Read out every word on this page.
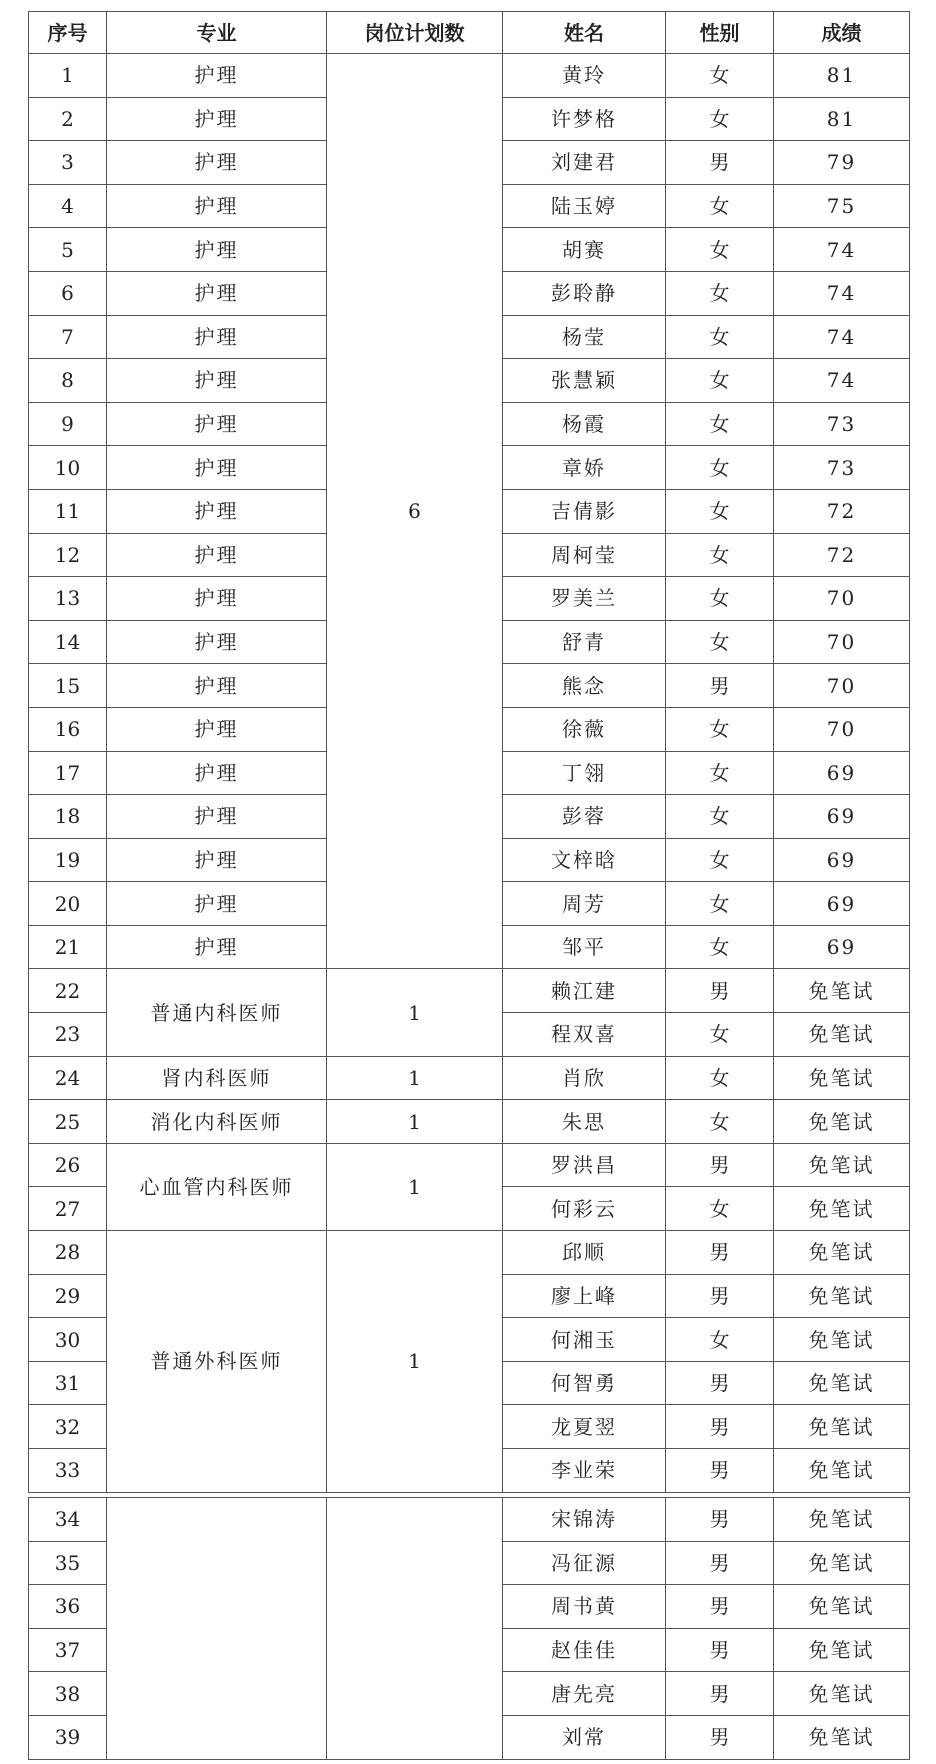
序号	专业	岗位计划数	姓名	性别	成绩
1	护理	6	黄玲	女	81
2	护理		许梦格	女	81
3	护理		刘建君	男	79
4	护理		陆玉婷	女	75
5	护理		胡赛	女	74
6	护理		彭聆静	女	74
7	护理		杨莹	女	74
8	护理		张慧颖	女	74
9	护理		杨霞	女	73
10	护理		章娇	女	73
11	护理		吉倩影	女	72
12	护理		周柯莹	女	72
13	护理		罗美兰	女	70
14	护理		舒青	女	70
15	护理		熊念	男	70
16	护理		徐薇	女	70
17	护理		丁翎	女	69
18	护理		彭蓉	女	69
19	护理		文梓晗	女	69
20	护理		周芳	女	69
21	护理		邹平	女	69
22	普通内科医师	1	赖江建	男	免笔试
23			程双喜	女	免笔试
24	肾内科医师	1	肖欣	女	免笔试
25	消化内科医师	1	朱思	女	免笔试
26	心血管内科医师	1	罗洪昌	男	免笔试
27			何彩云	女	免笔试
28	普通外科医师	1	邱顺	男	免笔试
29			廖上峰	男	免笔试
30			何湘玉	女	免笔试
31			何智勇	男	免笔试
32			龙夏翌	男	免笔试
33			李业荣	男	免笔试
34			宋锦涛	男	免笔试
35			冯征源	男	免笔试
36			周书黄	男	免笔试
37			赵佳佳	男	免笔试
38			唐先亮	男	免笔试
39			刘常	男	免笔试
